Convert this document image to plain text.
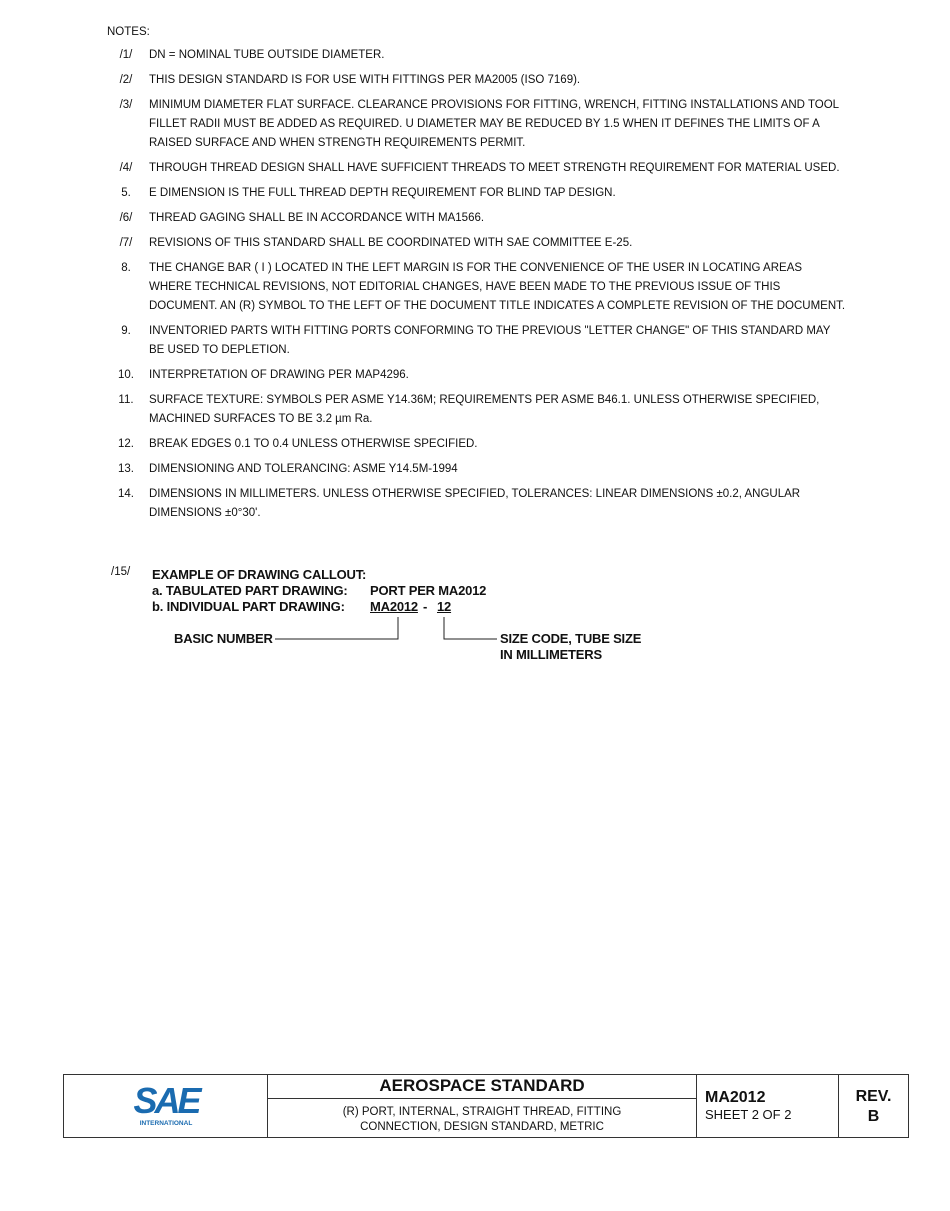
NOTES:
/1/	DN = NOMINAL TUBE OUTSIDE DIAMETER.
/2/	THIS DESIGN STANDARD IS FOR USE WITH FITTINGS PER MA2005 (ISO 7169).
/3/	MINIMUM DIAMETER FLAT SURFACE. CLEARANCE PROVISIONS FOR FITTING, WRENCH, FITTING INSTALLATIONS AND TOOL FILLET RADII MUST BE ADDED AS REQUIRED. U DIAMETER MAY BE REDUCED BY 1.5 WHEN IT DEFINES THE LIMITS OF A RAISED SURFACE AND WHEN STRENGTH REQUIREMENTS PERMIT.
/4/	THROUGH THREAD DESIGN SHALL HAVE SUFFICIENT THREADS TO MEET STRENGTH REQUIREMENT FOR MATERIAL USED.
5.	E DIMENSION IS THE FULL THREAD DEPTH REQUIREMENT FOR BLIND TAP DESIGN.
/6/	THREAD GAGING SHALL BE IN ACCORDANCE WITH MA1566.
/7/	REVISIONS OF THIS STANDARD SHALL BE COORDINATED WITH SAE COMMITTEE E-25.
8.	THE CHANGE BAR ( I ) LOCATED IN THE LEFT MARGIN IS FOR THE CONVENIENCE OF THE USER IN LOCATING AREAS WHERE TECHNICAL REVISIONS, NOT EDITORIAL CHANGES, HAVE BEEN MADE TO THE PREVIOUS ISSUE OF THIS DOCUMENT. AN (R) SYMBOL TO THE LEFT OF THE DOCUMENT TITLE INDICATES A COMPLETE REVISION OF THE DOCUMENT.
9.	INVENTORIED PARTS WITH FITTING PORTS CONFORMING TO THE PREVIOUS "LETTER CHANGE" OF THIS STANDARD MAY BE USED TO DEPLETION.
10.	INTERPRETATION OF DRAWING PER MAP4296.
11.	SURFACE TEXTURE: SYMBOLS PER ASME Y14.36M; REQUIREMENTS PER ASME B46.1. UNLESS OTHERWISE SPECIFIED, MACHINED SURFACES TO BE 3.2 µm Ra.
12.	BREAK EDGES 0.1 TO 0.4 UNLESS OTHERWISE SPECIFIED.
13.	DIMENSIONING AND TOLERANCING: ASME Y14.5M-1994
14.	DIMENSIONS IN MILLIMETERS. UNLESS OTHERWISE SPECIFIED, TOLERANCES: LINEAR DIMENSIONS ±0.2, ANGULAR DIMENSIONS ±0°30'.
/15/ EXAMPLE OF DRAWING CALLOUT:
a. TABULATED PART DRAWING: PORT PER MA2012
b. INDIVIDUAL PART DRAWING: MA2012 - 12
BASIC NUMBER	SIZE CODE, TUBE SIZE
IN MILLIMETERS
SAE
INTERNATIONAL
AEROSPACE STANDARD
(R) PORT, INTERNAL, STRAIGHT THREAD, FITTING
CONNECTION, DESIGN STANDARD, METRIC
MA2012
SHEET 2 OF 2
REV.
B
